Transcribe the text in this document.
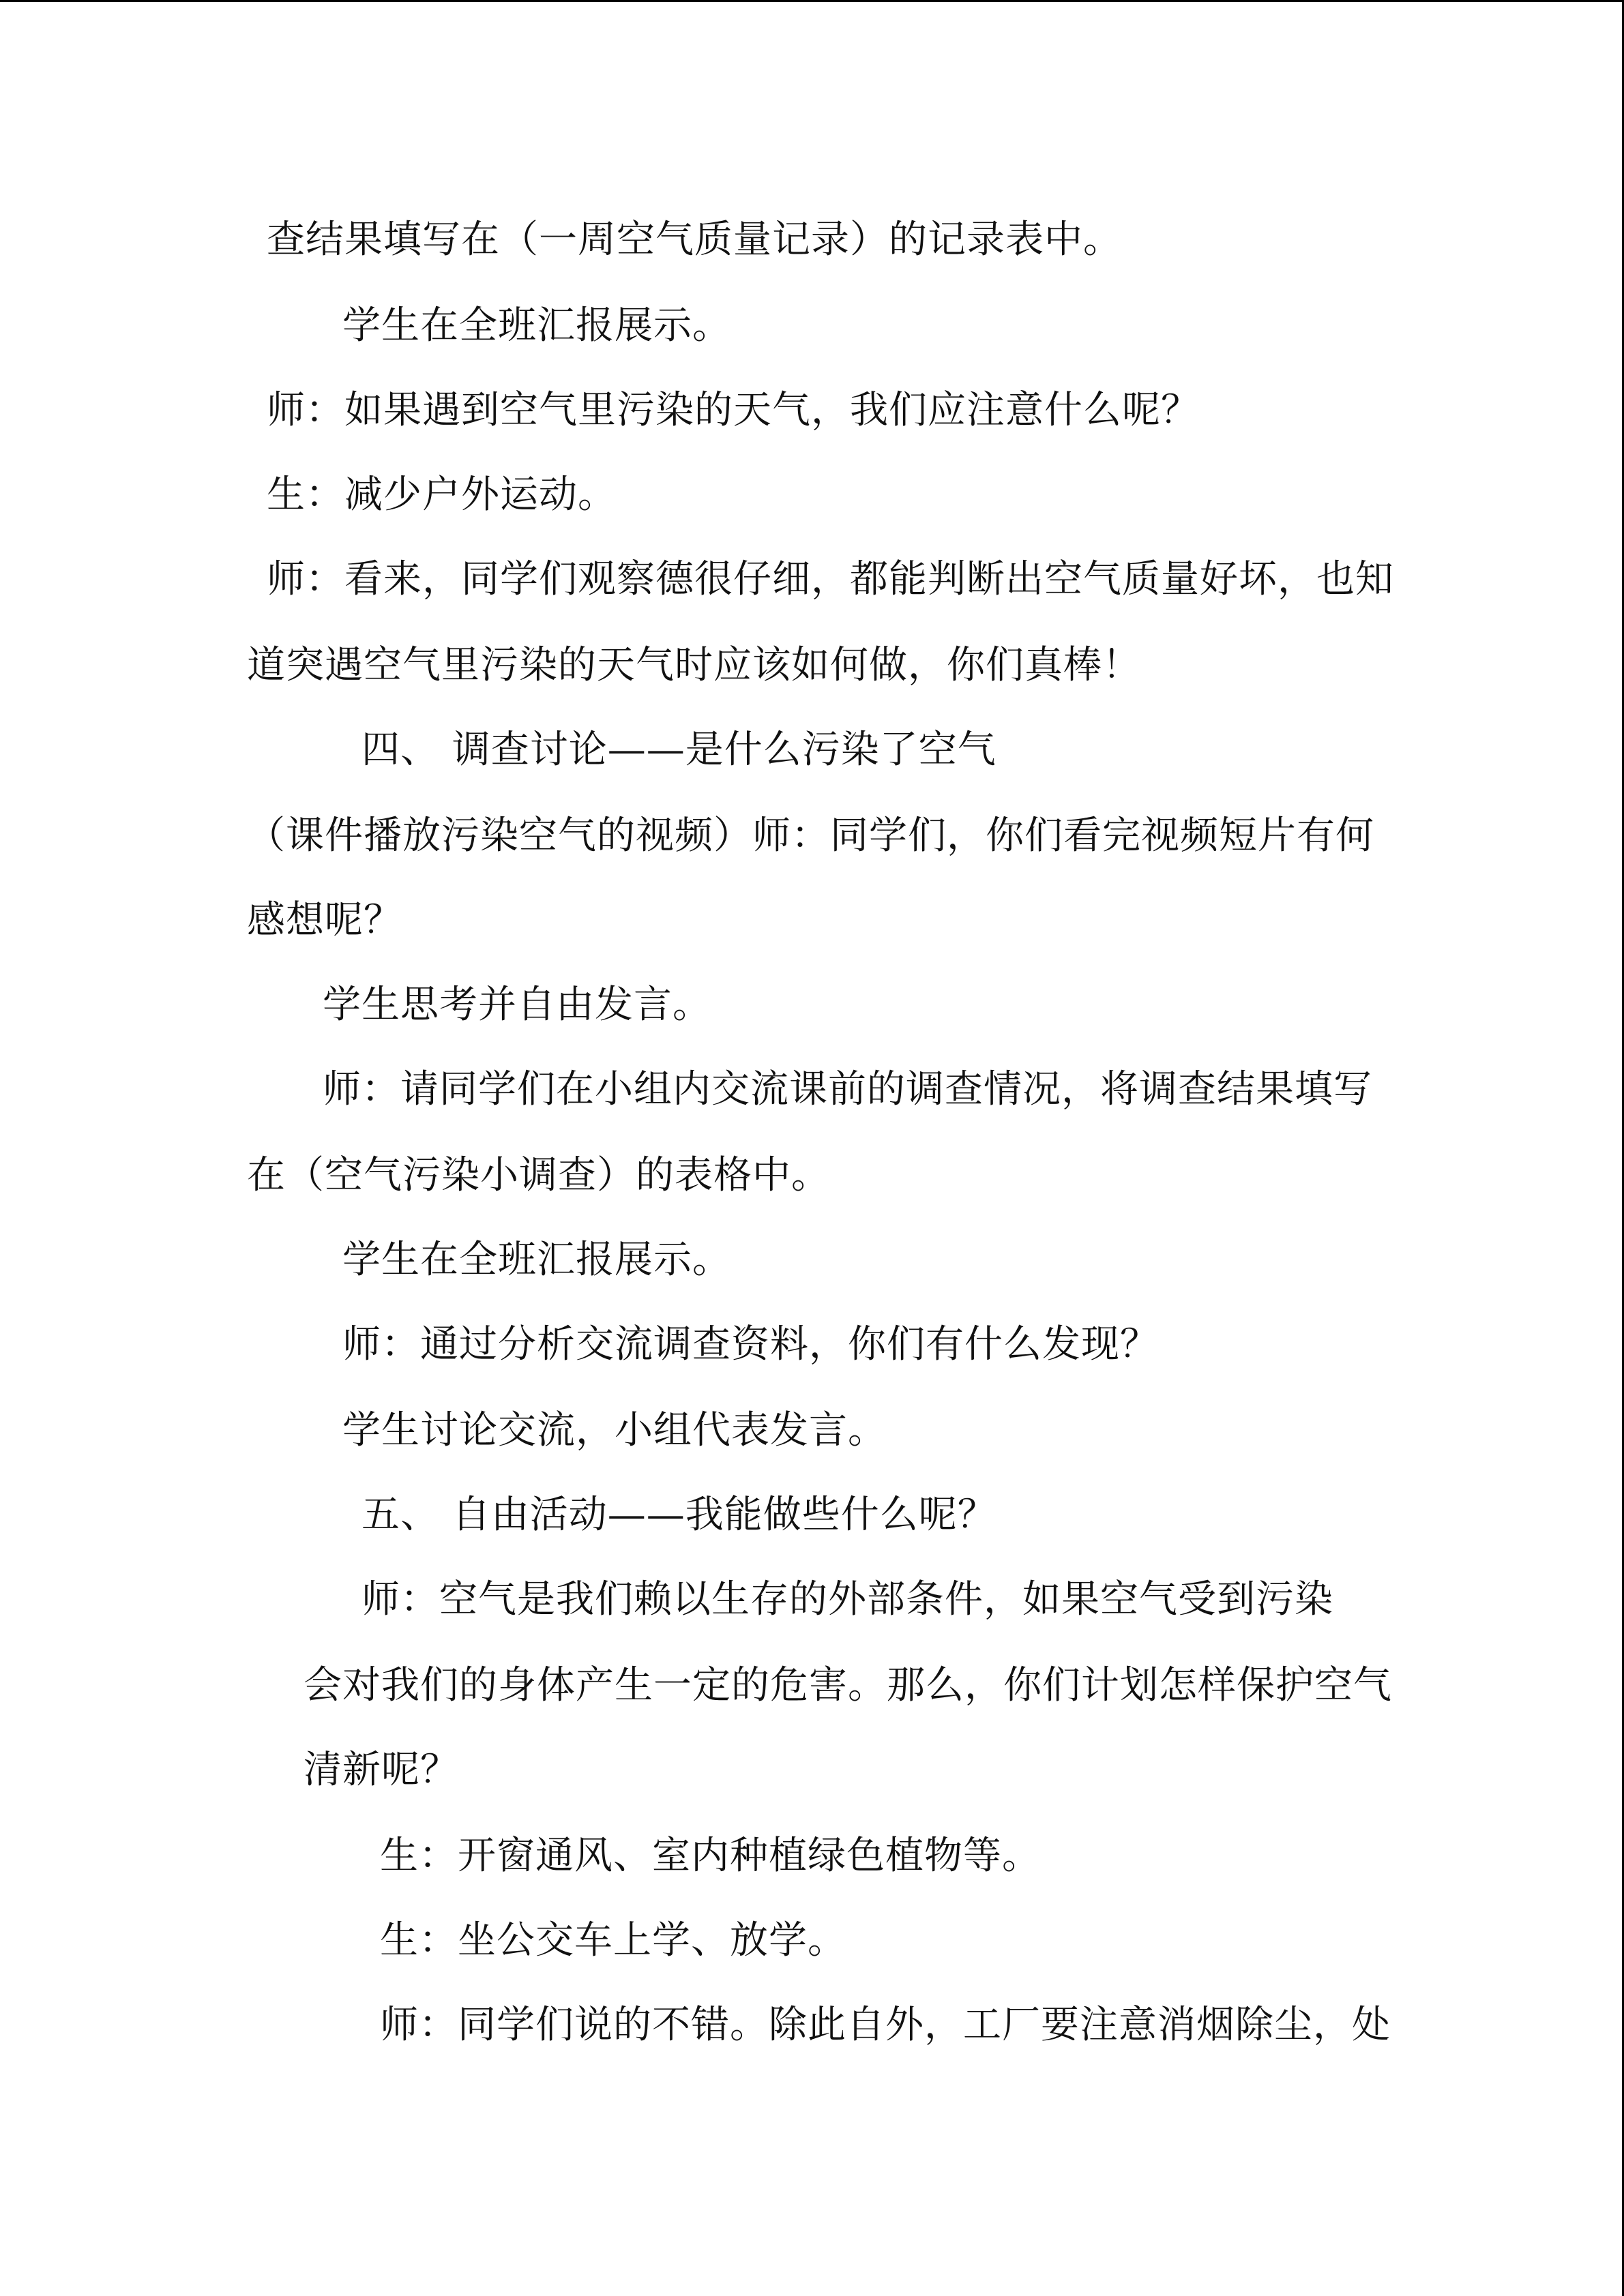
查结果填写在（一周空气质量记录）的记录表中。
学生在全班汇报展示。
师：如果遇到空气里污染的天气，我们应注意什么呢？
生：减少户外运动。
师：看来，同学们观察德很仔细，都能判断出空气质量好坏，也知
道突遇空气里污染的天气时应该如何做，你们真棒！
四、 调查讨论——是什么污染了空气
（课件播放污染空气的视频）师：同学们，你们看完视频短片有何
感想呢？
学生思考并自由发言。
师：请同学们在小组内交流课前的调查情况，将调查结果填写
在（空气污染小调查）的表格中。
学生在全班汇报展示。
师：通过分析交流调查资料，你们有什么发现？
学生讨论交流，小组代表发言。
五、 自由活动——我能做些什么呢？
师：空气是我们赖以生存的外部条件，如果空气受到污染
会对我们的身体产生一定的危害。那么，你们计划怎样保护空气
清新呢？
生：开窗通风、室内种植绿色植物等。
生：坐公交车上学、放学。
师：同学们说的不错。除此自外，工厂要注意消烟除尘，处
